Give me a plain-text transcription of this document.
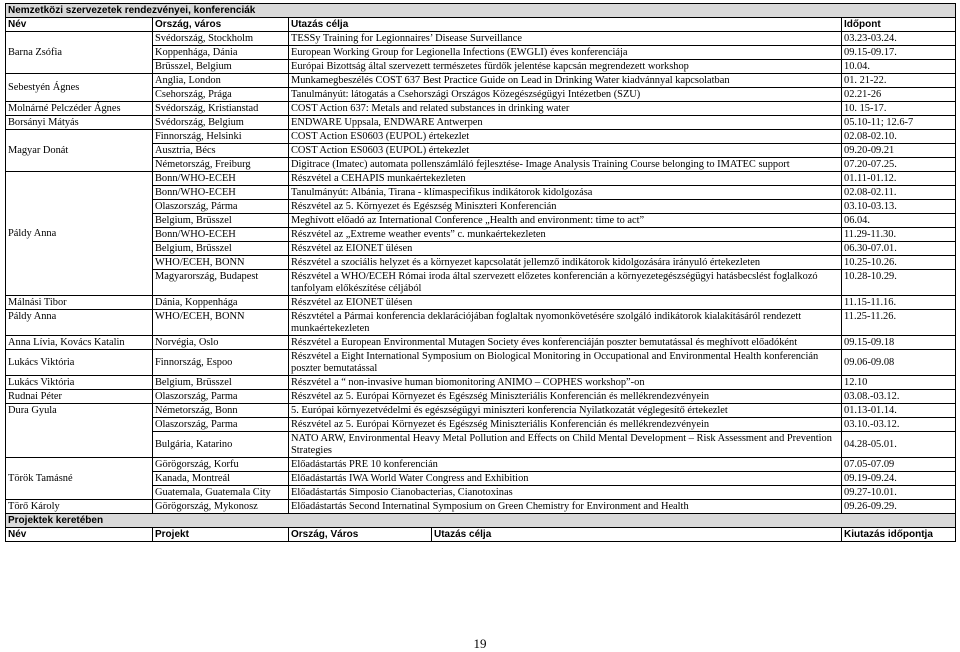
Nemzetközi szervezetek rendezvényei, konferenciák			
Név	Ország, város	Utazás célja	Időpont
Barna Zsófia	Svédország, Stockholm	TESSy Training for Legionnaires’ Disease Surveillance	03.23-03.24.
	Koppenhága, Dánia	European Working Group for Legionella Infections (EWGLI) éves konferenciája	09.15-09.17.
	Brüsszel, Belgium	Európai Bizottság által szervezett természetes fürdők jelentése kapcsán megrendezett workshop	10.04.
Sebestyén Ágnes	Anglia, London	Munkamegbeszélés COST 637 Best Practice Guide on Lead in Drinking Water kiadvánnyal kapcsolatban	01. 21-22.
	Csehország, Prága	Tanulmányút: látogatás a Csehországi Országos Közegészségügyi Intézetben (SZU)	02.21-26
Molnárné Pelczéder Ágnes	Svédország, Kristianstad	COST Action 637: Metals and related substances in drinking water	10. 15-17.
Borsányi Mátyás	Svédország, Belgium	ENDWARE Uppsala, ENDWARE Antwerpen	05.10-11; 12.6-7
Magyar Donát	Finnország, Helsinki	COST Action ES0603 (EUPOL) értekezlet	02.08-02.10.
	Ausztria, Bécs	COST Action ES0603 (EUPOL) értekezlet	09.20-09.21
	Németország, Freiburg	Digitrace (Imatec) automata pollenszámláló fejlesztése- Image Analysis Training Course belonging to IMATEC support	07.20-07.25.
Páldy Anna	Bonn/WHO-ECEH	Részvétel a CEHAPIS munkaértekezleten	01.11-01.12.
	Bonn/WHO-ECEH	Tanulmányút: Albánia, Tirana - klímaspecifikus indikátorok kidolgozása	02.08-02.11.
	Olaszország, Párma	Részvétel az 5. Környezet és Egészség Miniszteri Konferencián	03.10-03.13.
	Belgium, Brüsszel	Meghívott előadó az International Conference „Health and environment: time to act”	06.04.
	Bonn/WHO-ECEH	Részvétel az „Extreme weather events” c. munkaértekezleten	11.29-11.30.
	Belgium, Brüsszel	Részvétel az EIONET ülésen	06.30-07.01.
	WHO/ECEH, BONN	Részvétel a szociális helyzet és a környezet kapcsolatát jellemző indikátorok kidolgozására irányuló értekezleten	10.25-10.26.
	Magyarország, Budapest	Részvétel a WHO/ECEH Római iroda által szervezett előzetes konferencián a környezetegészségügyi hatásbecslést foglalkozó tanfolyam előkészítése céljából	10.28-10.29.
Málnási Tibor	Dánia, Koppenhága	Részvétel az EIONET ülésen	11.15-11.16.
Páldy Anna	WHO/ECEH, BONN	Részvtétel a Pármai konferencia deklarációjában foglaltak nyomonkövetésére szolgáló indikátorok kialakításáról rendezett munkaértekezleten	11.25-11.26.
Anna Lívia, Kovács Katalin	Norvégia, Oslo	Részvétel a European Environmental Mutagen Society éves konferenciáján poszter bemutatással és meghívott előadóként	09.15-09.18
Lukács Viktória	Finnország, Espoo	Részvétel a Eight International Symposium on Biological Monitoring in Occupational and Environmental Health konferencián poszter bemutatással	09.06-09.08
Lukács Viktória	Belgium, Brüsszel	Részvétel a “ non-invasive human biomonitoring ANIMO – COPHES workshop”-on	12.10
Rudnai Péter	Olaszország, Parma	Részvétel az 5. Európai Környezet és Egészség Miniszteriális Konferencián és mellékrendezvényein	03.08.-03.12.
Dura Gyula	Németország, Bonn	5. Európai környezetvédelmi és egészségügyi miniszteri konferencia Nyilatkozatát véglegesítő értekezlet	01.13-01.14.
	Olaszország, Parma	Részvétel az 5. Európai Környezet és Egészség Miniszteriális Konferencián és mellékrendezvényein	03.10.-03.12.
	Bulgária, Katarino	NATO ARW, Environmental Heavy Metal Pollution and Effects on Child Mental Development – Risk Assessment and Prevention Strategies	04.28-05.01.
Török Tamásné	Görögország, Korfu	Előadástartás PRE 10 konferencián	07.05-07.09
	Kanada, Montreál	Előadástartás IWA World Water Congress and Exhibition	09.19-09.24.
	Guatemala, Guatemala City	Előadástartás Simposio Cianobacterias, Cianotoxinas	09.27-10.01.
Törő Károly	Görögország, Mykonosz	Előadástartás Second Internatinal Symposium on Green Chemistry for Environment and Health	09.26-09.29.
Projektek keretében
Név	Projekt	Ország, Város	Utazás célja	Kiutazás időpontja
19
